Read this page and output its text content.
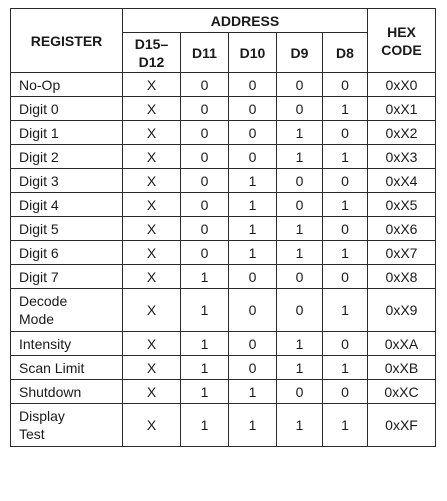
REGISTER	ADDRESS					HEX
CODE
	D15–
D12	D11	D10	D9	D8	
No-Op	X	0	0	0	0	0xX0
Digit 0	X	0	0	0	1	0xX1
Digit 1	X	0	0	1	0	0xX2
Digit 2	X	0	0	1	1	0xX3
Digit 3	X	0	1	0	0	0xX4
Digit 4	X	0	1	0	1	0xX5
Digit 5	X	0	1	1	0	0xX6
Digit 6	X	0	1	1	1	0xX7
Digit 7	X	1	0	0	0	0xX8
Decode
Mode	X	1	0	0	1	0xX9
Intensity	X	1	0	1	0	0xXA
Scan Limit	X	1	0	1	1	0xXB
Shutdown	X	1	1	0	0	0xXC
Display
Test	X	1	1	1	1	0xXF
